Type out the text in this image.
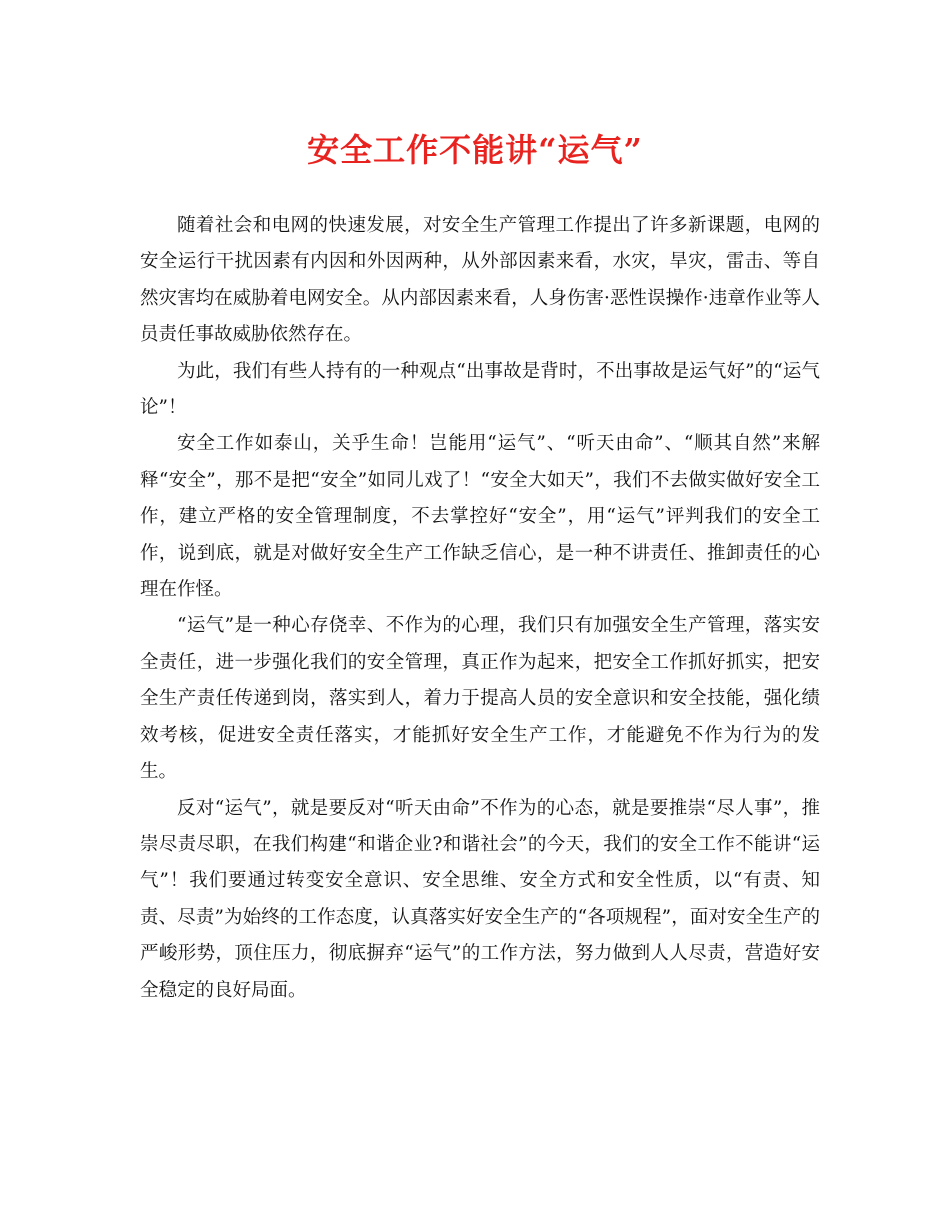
安全工作不能讲“运气”

随着社会和电网的快速发展，对安全生产管理工作提出了许多新课题，电网的安全运行干扰因素有内因和外因两种，从外部因素来看，水灾，旱灾，雷击、等自然灾害均在威胁着电网安全。从内部因素来看，人身伤害·恶性误操作·违章作业等人员责任事故威胁依然存在。

为此，我们有些人持有的一种观点“出事故是背时，不出事故是运气好”的“运气论”！

安全工作如泰山，关乎生命！岂能用“运气”、“听天由命”、“顺其自然”来解释“安全”，那不是把“安全”如同儿戏了！“安全大如天”，我们不去做实做好安全工作，建立严格的安全管理制度，不去掌控好“安全”，用“运气”评判我们的安全工作，说到底，就是对做好安全生产工作缺乏信心，是一种不讲责任、推卸责任的心理在作怪。

“运气”是一种心存侥幸、不作为的心理，我们只有加强安全生产管理，落实安全责任，进一步强化我们的安全管理，真正作为起来，把安全工作抓好抓实，把安全生产责任传递到岗，落实到人，着力于提高人员的安全意识和安全技能，强化绩效考核，促进安全责任落实，才能抓好安全生产工作，才能避免不作为行为的发生。

反对“运气”，就是要反对“听天由命”不作为的心态，就是要推崇“尽人事”，推崇尽责尽职，在我们构建“和谐企业?和谐社会”的今天，我们的安全工作不能讲“运气”！我们要通过转变安全意识、安全思维、安全方式和安全性质，以“有责、知责、尽责”为始终的工作态度，认真落实好安全生产的“各项规程”，面对安全生产的严峻形势，顶住压力，彻底摒弃“运气”的工作方法，努力做到人人尽责，营造好安全稳定的良好局面。
